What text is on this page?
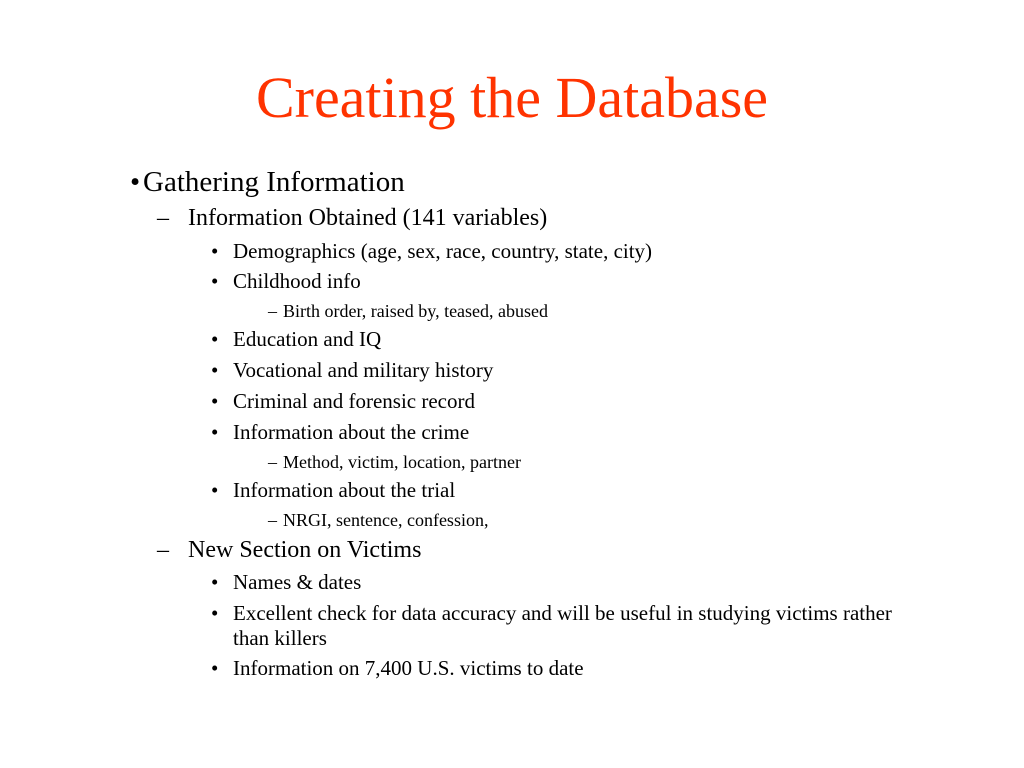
Creating the Database
• Gathering Information
– Information Obtained (141 variables)
• Demographics (age, sex, race, country, state, city)
• Childhood info
– Birth order, raised by, teased, abused
• Education and IQ
• Vocational and military history
• Criminal and forensic record
• Information about the crime
– Method, victim, location, partner
• Information about the trial
– NRGI, sentence, confession,
– New Section on Victims
• Names & dates
• Excellent check for data accuracy and will be useful in studying victims rather than killers
• Information on 7,400 U.S. victims to date
